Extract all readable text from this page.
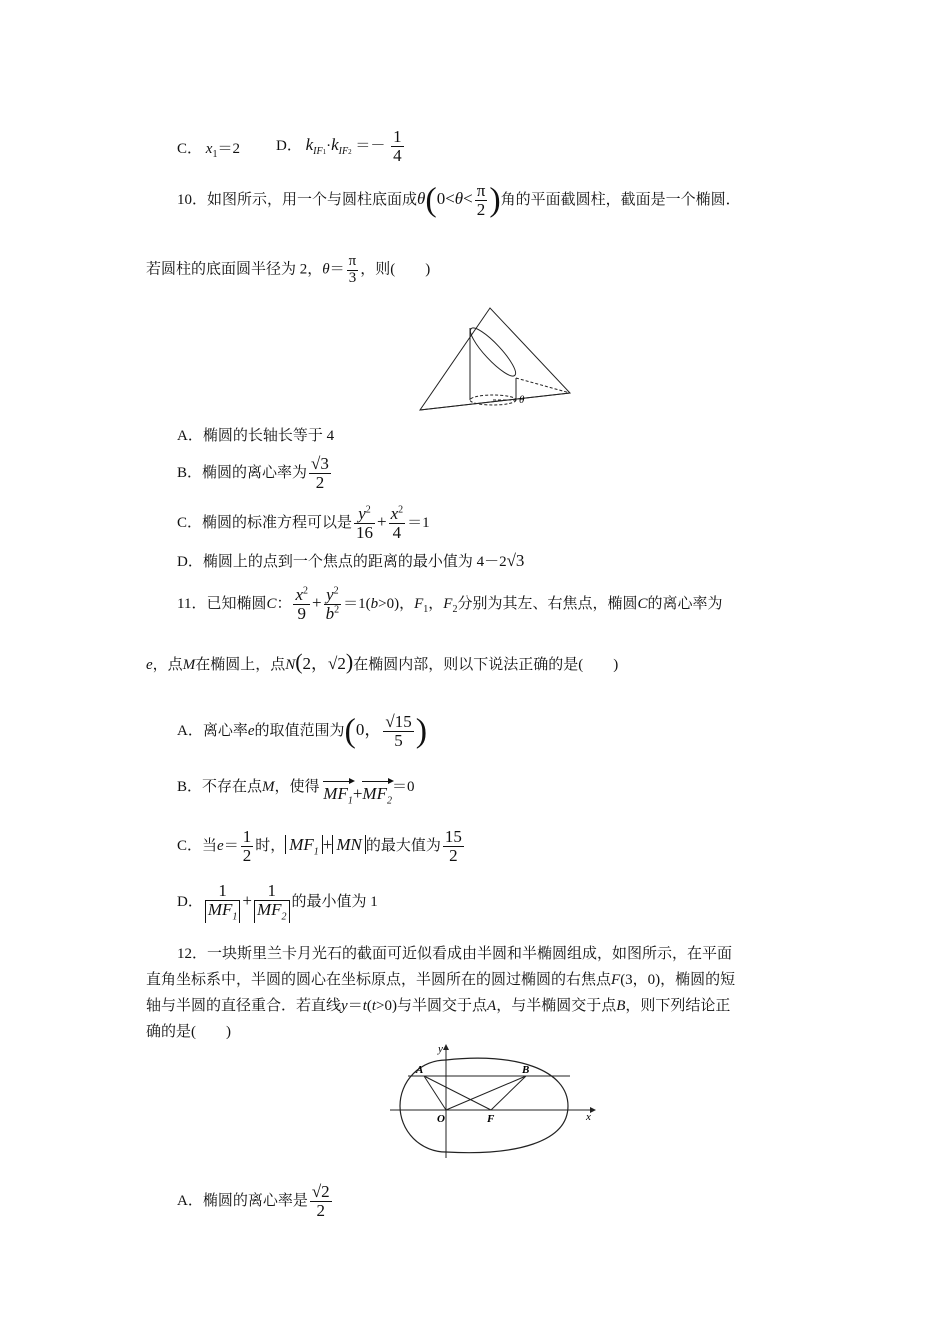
C． $x_1=2$ D． $k_{IF1}\cdot k_{IF2} =- \frac{1}{4}$
10．如图所示，用一个与圆柱底面成$\theta(0<\theta< \frac{\pi}{2}$ )角的平面截圆柱，截面是一个椭圆．
若圆柱的底面圆半径为 2，$\theta= \frac{\pi}{3}$ ，则(　　)
θ
A．椭圆的长轴长等于 4
B．椭圆的离心率为 $\frac{√3}{2}$
C．椭圆的标准方程可以是 $\frac{y^2}{16} + \frac{x^2}{4} =1$
D．椭圆上的点到一个焦点的距离的最小值为 4－2√3
11．已知椭圆C： $\frac{x^2}{9} + \frac{y^2}{b^2} =1(b>0)$，$F_1$，$F_2$分别为其左、右焦点，椭圆C的离心率为
e，点M在椭圆上，点N(2，√2)在椭圆内部，则以下说法正确的是(　　)
A．离心率e的取值范围为(0， $\frac{√15}{5}$ )
B．不存在点M，使得 $MF_1+MF_2=0$
C．当$e= \frac{1}{2}$ 时， $MF_1$ + MN 的最大值为 $\frac{15}{2}$
D． $\frac{1}{MF_1} + \frac{1}{MF_2}$ 的最小值为 1
12．一块斯里兰卡月光石的截面可近似看成由半圆和半椭圆组成，如图所示，在平面
直角坐标系中，半圆的圆心在坐标原点，半圆所在的圆过椭圆的右焦点F(3，0)，椭圆的短
轴与半圆的直径重合．若直线y＝t(t>0)与半圆交于点A，与半椭圆交于点B，则下列结论正
确的是(　　)
y
x
A	B
O	F
A．椭圆的离心率是 $\frac{√2}{2}$
